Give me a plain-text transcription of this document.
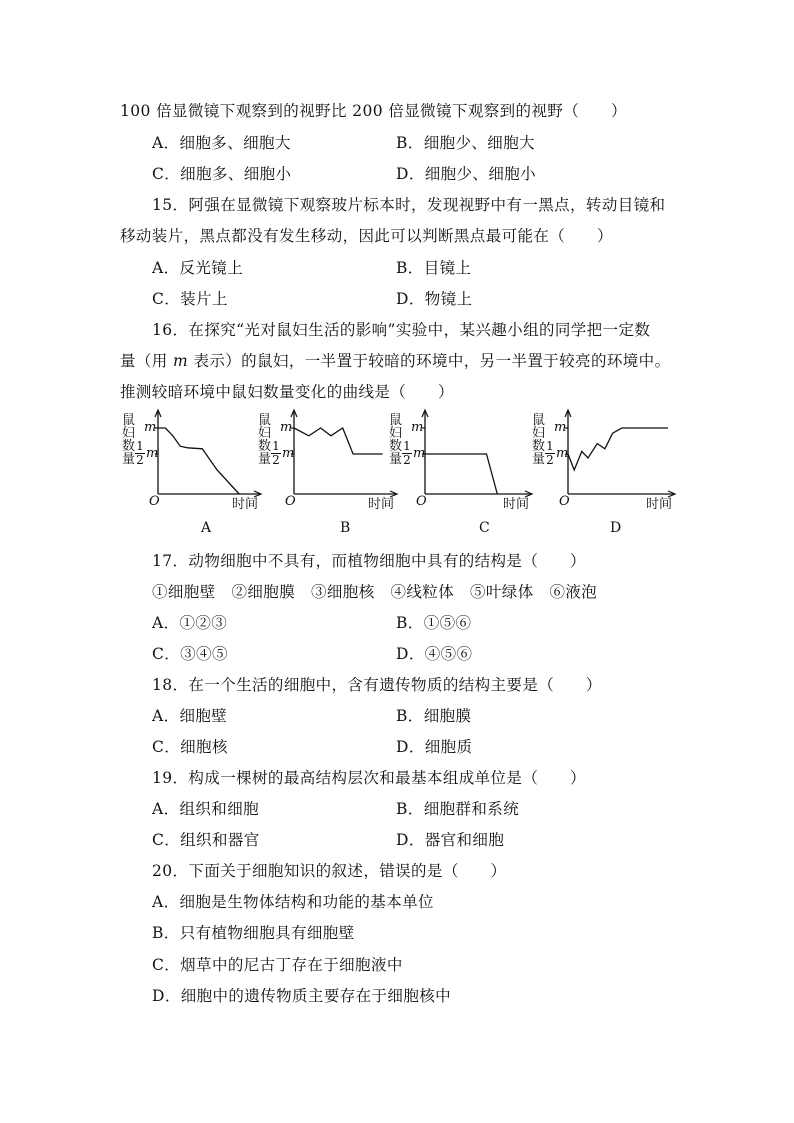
100 倍显微镜下观察到的视野比 200 倍显微镜下观察到的视野（　　）
A．细胞多、细胞大	B．细胞少、细胞大
C．细胞多、细胞小	D．细胞少、细胞小
15．阿强在显微镜下观察玻片标本时，发现视野中有一黑点，转动目镜和
移动装片，黑点都没有发生移动，因此可以判断黑点最可能在（　　）
A．反光镜上	B．目镜上
C．装片上	D．物镜上
16．在探究“光对鼠妇生活的影响”实验中，某兴趣小组的同学把一定数
量（用 m 表示）的鼠妇，一半置于较暗的环境中，另一半置于较亮的环境中。
推测较暗环境中鼠妇数量变化的曲线是（　　）
鼠妇数量
m
$\frac{1}{2}$ m
O	时间
A
鼠妇数量
m
$\frac{1}{2}$ m
O	时间
B
鼠妇数量
m
$\frac{1}{2}$ m
O	时间
C
鼠妇数量
m
$\frac{1}{2}$ m
O	时间
D
17．动物细胞中不具有，而植物细胞中具有的结构是（　　）
①细胞壁　②细胞膜　③细胞核　④线粒体　⑤叶绿体　⑥液泡
A．①②③	B．①⑤⑥
C．③④⑤	D．④⑤⑥
18．在一个生活的细胞中，含有遗传物质的结构主要是（　　）
A．细胞壁	B．细胞膜
C．细胞核	D．细胞质
19．构成一棵树的最高结构层次和最基本组成单位是（　　）
A．组织和细胞	B．细胞群和系统
C．组织和器官	D．器官和细胞
20．下面关于细胞知识的叙述，错误的是（　　）
A．细胞是生物体结构和功能的基本单位
B．只有植物细胞具有细胞壁
C．烟草中的尼古丁存在于细胞液中
D．细胞中的遗传物质主要存在于细胞核中
